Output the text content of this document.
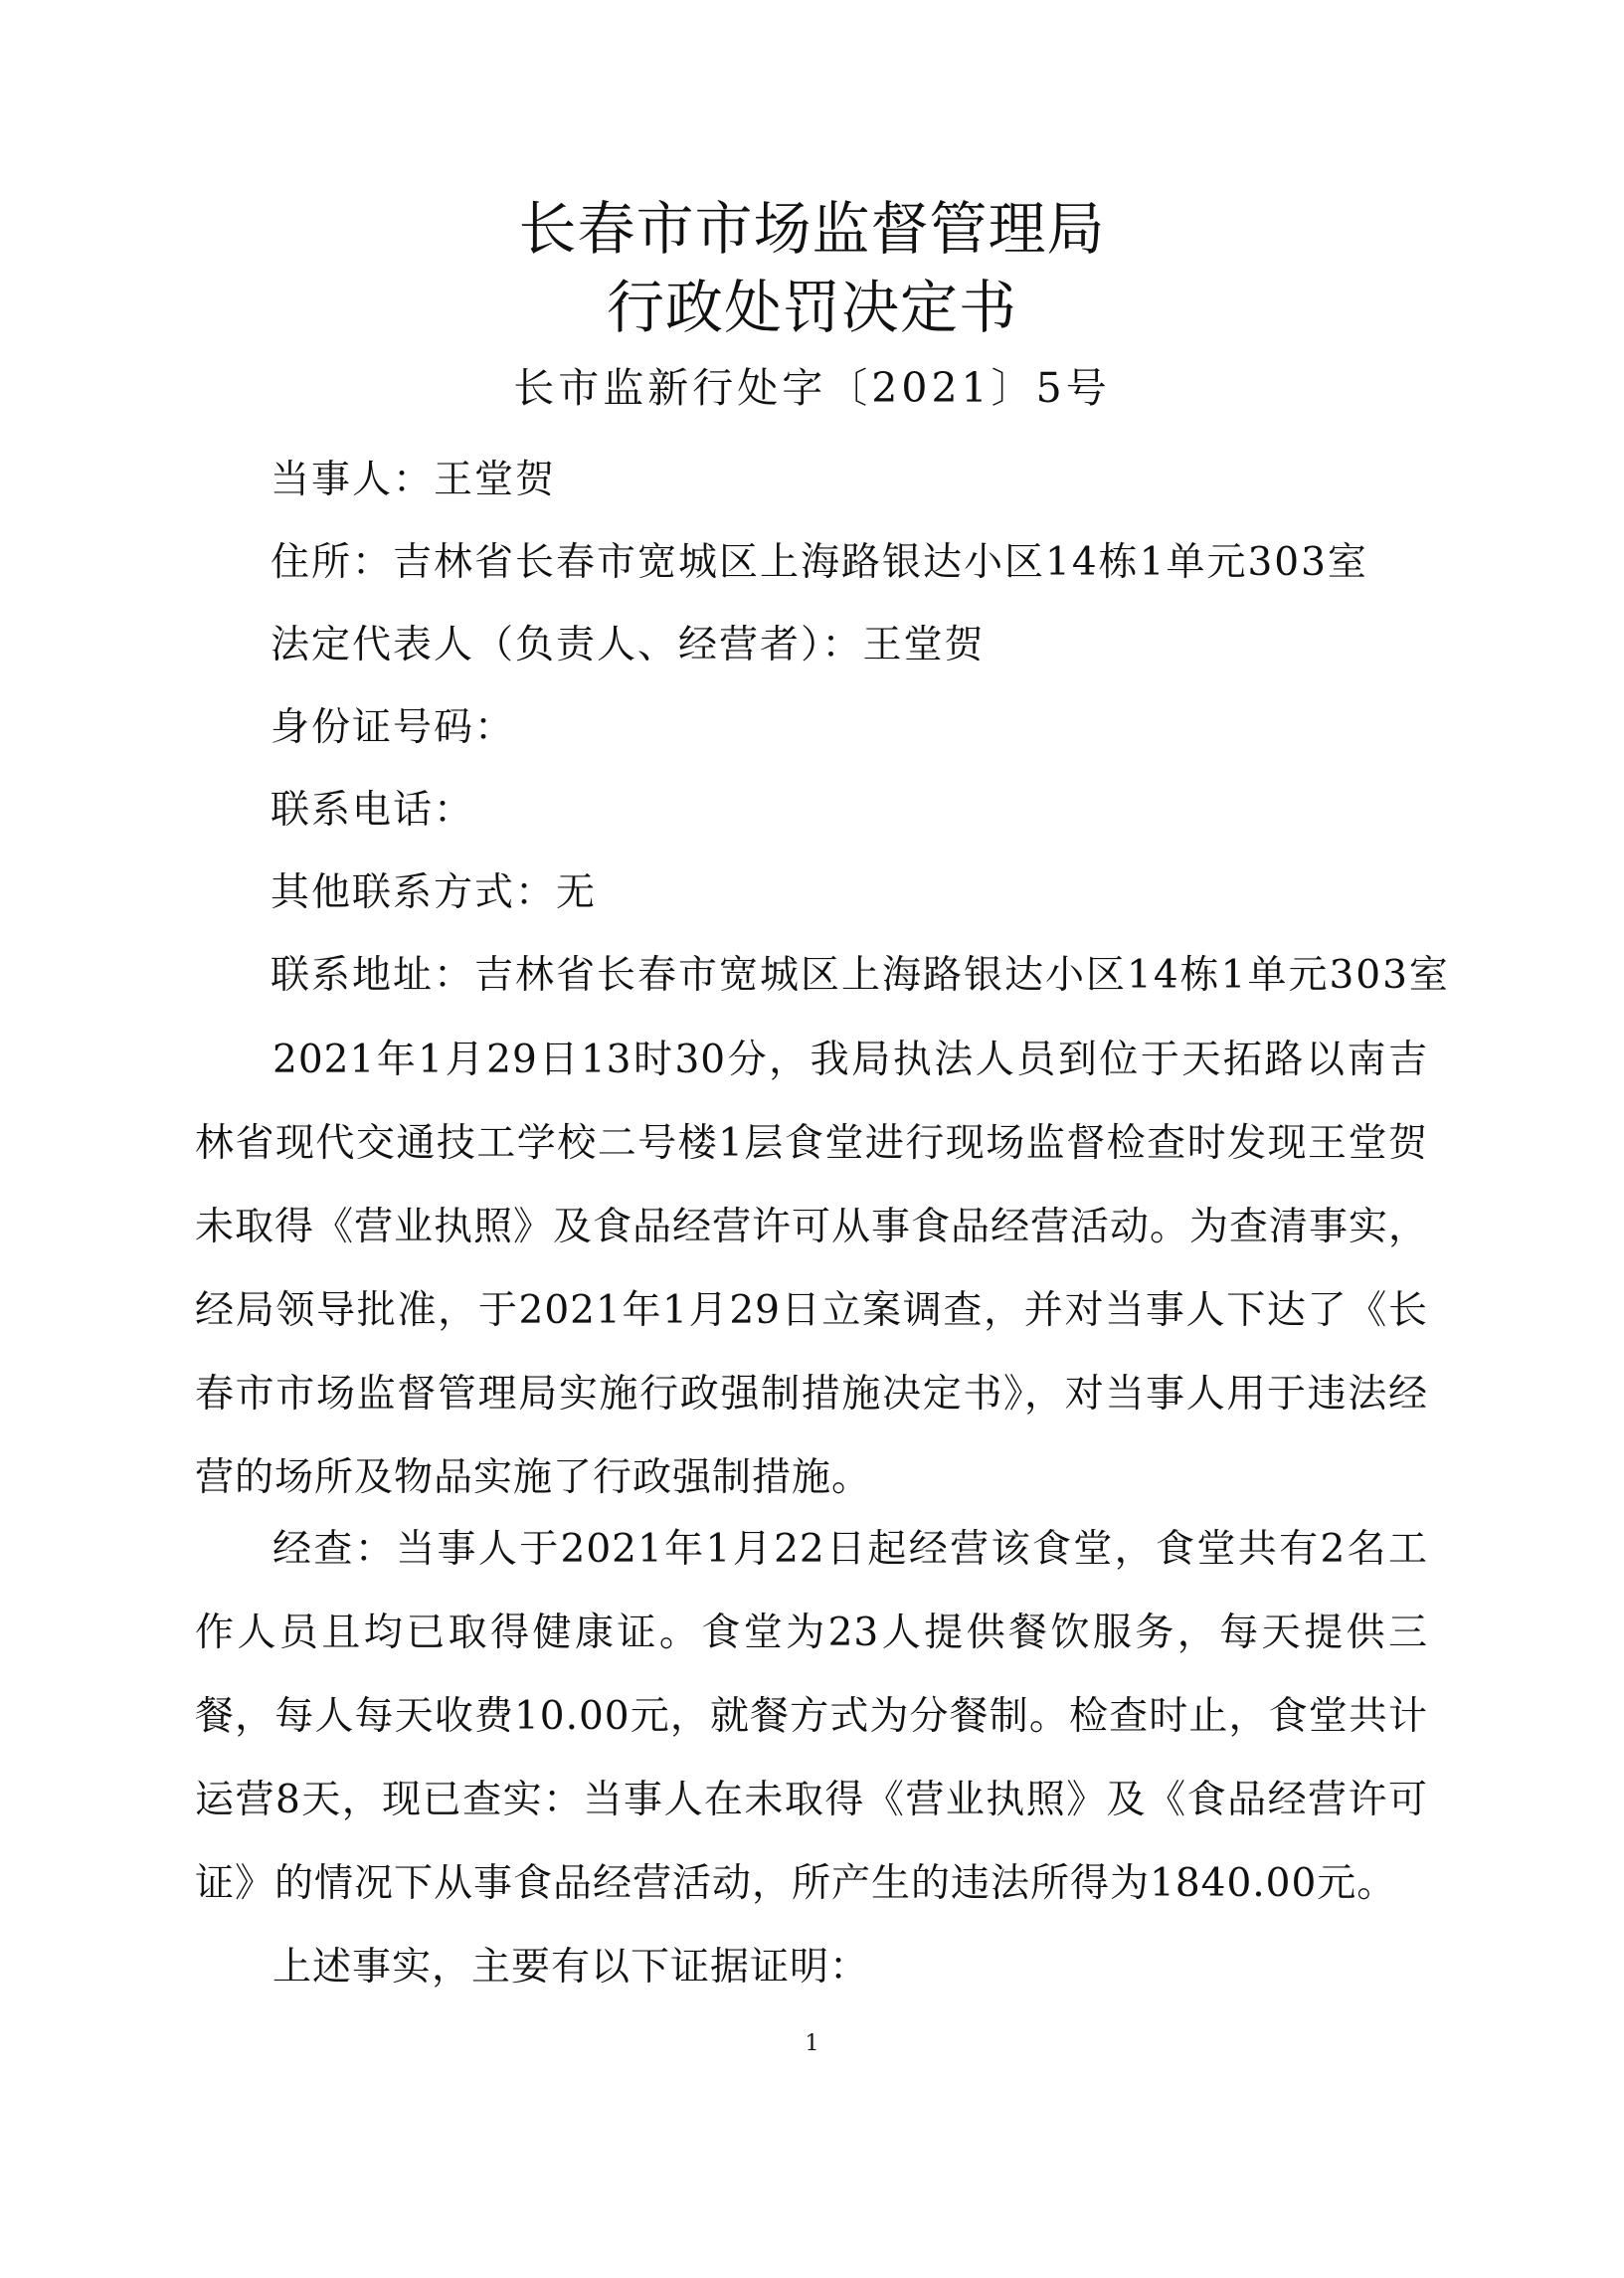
长春市市场监督管理局
行政处罚决定书
长市监新行处字〔2021〕5号
当事人：王堂贺
住所：吉林省长春市宽城区上海路银达小区14栋1单元303室
法定代表人（负责人、经营者）：王堂贺
身份证号码：
联系电话：
其他联系方式：无
联系地址：吉林省长春市宽城区上海路银达小区14栋1单元303室

2021年1月29日13时30分，我局执法人员到位于天拓路以南吉林省现代交通技工学校二号楼1层食堂进行现场监督检查时发现王堂贺未取得《营业执照》及食品经营许可从事食品经营活动。为查清事实，经局领导批准，于2021年1月29日立案调查，并对当事人下达了《长春市市场监督管理局实施行政强制措施决定书》，对当事人用于违法经营的场所及物品实施了行政强制措施。

经查：当事人于2021年1月22日起经营该食堂，食堂共有2名工作人员且均已取得健康证。食堂为23人提供餐饮服务，每天提供三餐，每人每天收费10.00元，就餐方式为分餐制。检查时止，食堂共计运营8天，现已查实：当事人在未取得《营业执照》及《食品经营许可证》的情况下从事食品经营活动，所产生的违法所得为1840.00元。

上述事实，主要有以下证据证明：

1
